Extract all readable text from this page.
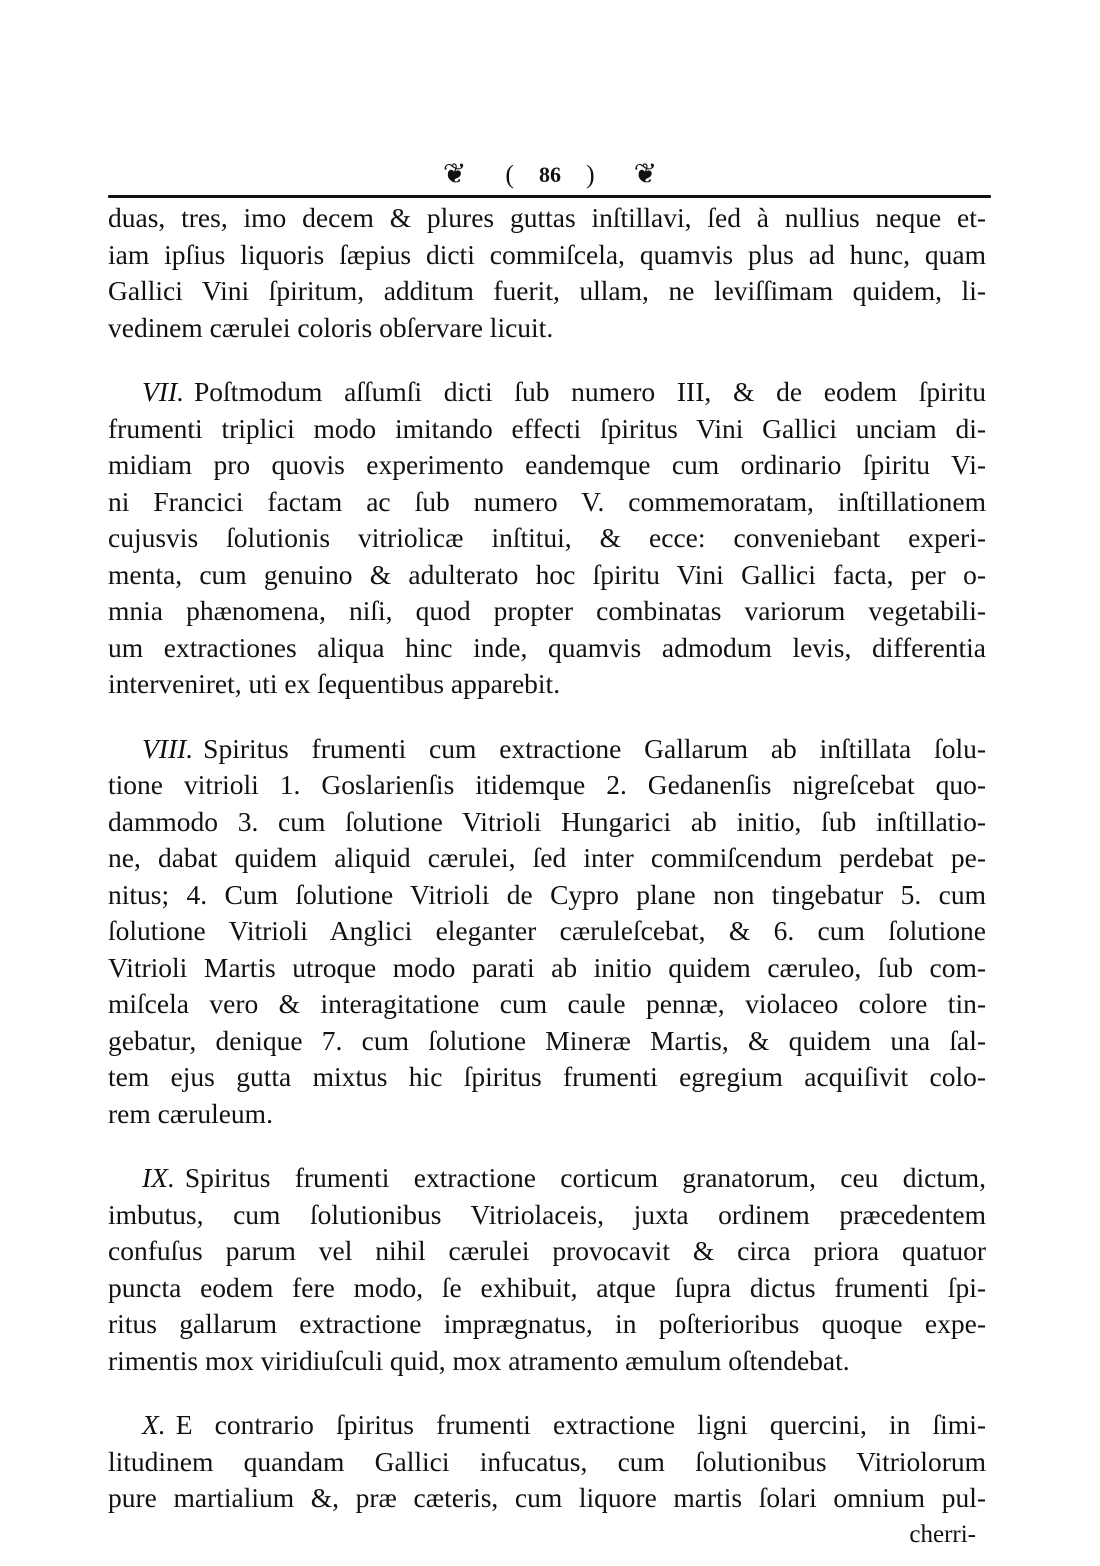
❦ ( 86 ) ❦
duas, tres, imo decem & plures guttas inſtillavi, ſed à nullius neque et-
iam ipſius liquoris ſæpius dicti commiſcela, quamvis plus ad hunc, quam
Gallici Vini ſpiritum, additum fuerit, ullam, ne leviſſimam quidem, li-
vedinem cærulei coloris obſervare licuit.
VII. Poſtmodum aſſumſi dicti ſub numero III, & de eodem ſpiritu
frumenti triplici modo imitando effecti ſpiritus Vini Gallici unciam di-
midiam pro quovis experimento eandemque cum ordinario ſpiritu Vi-
ni Francici factam ac ſub numero V. commemoratam, inſtillationem
cujusvis ſolutionis vitriolicæ inſtitui, & ecce: conveniebant experi-
menta, cum genuino & adulterato hoc ſpiritu Vini Gallici facta, per o-
mnia phænomena, niſi, quod propter combinatas variorum vegetabili-
um extractiones aliqua hinc inde, quamvis admodum levis, differentia
interveniret, uti ex ſequentibus apparebit.
VIII. Spiritus frumenti cum extractione Gallarum ab inſtillata ſolu-
tione vitrioli 1. Goslarienſis itidemque 2. Gedanenſis nigreſcebat quo-
dammodo 3. cum ſolutione Vitrioli Hungarici ab initio, ſub inſtillatio-
ne, dabat quidem aliquid cærulei, ſed inter commiſcendum perdebat pe-
nitus; 4. Cum ſolutione Vitrioli de Cypro plane non tingebatur 5. cum
ſolutione Vitrioli Anglici eleganter cæruleſcebat, & 6. cum ſolutione
Vitrioli Martis utroque modo parati ab initio quidem cæruleo, ſub com-
miſcela vero & interagitatione cum caule pennæ, violaceo colore tin-
gebatur, denique 7. cum ſolutione Mineræ Martis, & quidem una ſal-
tem ejus gutta mixtus hic ſpiritus frumenti egregium acquiſivit colo-
rem cæruleum.
IX. Spiritus frumenti extractione corticum granatorum, ceu dictum,
imbutus, cum ſolutionibus Vitriolaceis, juxta ordinem præcedentem
confuſus parum vel nihil cærulei provocavit & circa priora quatuor
puncta eodem fere modo, ſe exhibuit, atque ſupra dictus frumenti ſpi-
ritus gallarum extractione imprægnatus, in poſterioribus quoque expe-
rimentis mox viridiuſculi quid, mox atramento æmulum oſtendebat.
X. E contrario ſpiritus frumenti extractione ligni quercini, in ſimi-
litudinem quandam Gallici infucatus, cum ſolutionibus Vitriolorum
pure martialium &, præ cæteris, cum liquore martis ſolari omnium pul-
cherri-
